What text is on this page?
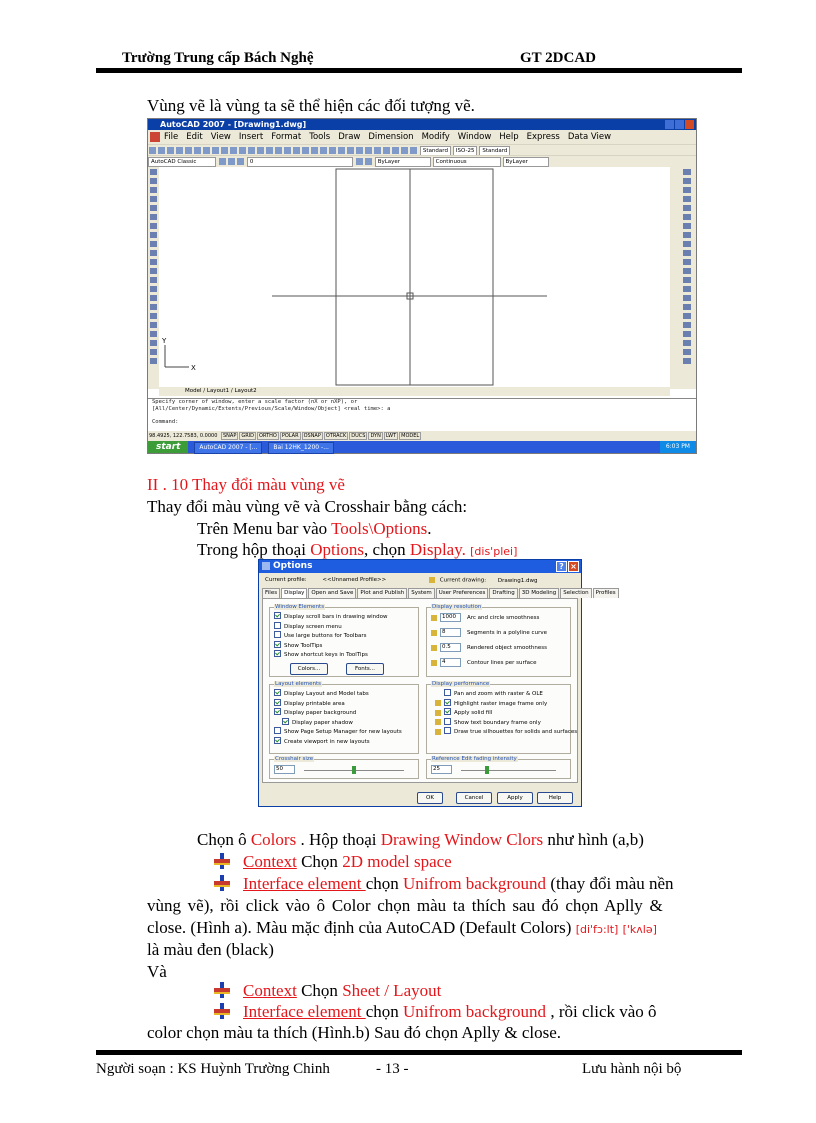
Trường Trung cấp Bách Nghệ	GT 2DCAD
Vùng vẽ là vùng ta sẽ thể hiện các đối tượng vẽ.
AutoCAD 2007 - [Drawing1.dwg]
File Edit View Insert Format Tools Draw Dimension Modify Window Help Express Data View
Standard ISO-25 Standard
AutoCAD Classic	0	ByLayer	Continuous	ByLayer
Y
X
Model / Layout1 / Layout2
Specify corner of window, enter a scale factor (nX or nXP), or
[All/Center/Dynamic/Extents/Previous/Scale/Window/Object] <real time>: a
Command:
98.4925, 122.7583, 0.0000 SNAP GRID ORTHO POLAR OSNAP OTRACK DUCS DYN LWT MODEL
start	AutoCAD 2007 - [...	Bai 12HK_1200 -...	6:03 PM
II . 10 Thay đổi màu vùng vẽ
Thay đổi màu vùng vẽ và Crosshair bằng cách:
Trên Menu bar vào Tools\Options.
Trong hộp thoại Options, chọn Display. [dis'plei]
Options	? ×
Current profile:	<<Unnamed Profile>>	Current drawing: Drawing1.dwg
Files Display Open and Save Plot and Publish System User Preferences Drafting 3D Modeling Selection Profiles
Window Elements
Display scroll bars in drawing window
Display screen menu
Use large buttons for Toolbars
Show ToolTips
Show shortcut keys in ToolTips
Colors...	Fonts...
Display resolution
1000 Arc and circle smoothness
8	Segments in a polyline curve
0.5	Rendered object smoothness
4	Contour lines per surface
Layout elements
Display Layout and Model tabs
Display printable area
Display paper background
Display paper shadow
Show Page Setup Manager for new layouts
Create viewport in new layouts
Display performance
Pan and zoom with raster & OLE
Highlight raster image frame only
Apply solid fill
Show text boundary frame only
Draw true silhouettes for solids and surfaces
Crosshair size
50
Reference Edit fading intensity
25
OK	Cancel	Apply	Help
Chọn ô Colors . Hộp thoại Drawing Window Clors như hình (a,b)
Context Chọn 2D model space
Interface element chọn Unifrom background (thay đổi màu nền
vùng vẽ), rồi click vào ô Color chọn màu ta thích sau đó chọn Aplly &
close. (Hình a). Màu mặc định của AutoCAD (Default Colors) [di'fɔ:lt] ['kʌlə]
là màu đen (black)
Và
Context Chọn Sheet / Layout
Interface element chọn Unifrom background , rồi click vào ô
color chọn màu ta thích (Hình.b) Sau đó chọn Aplly & close.
Người soạn : KS Huỳnh Trường Chinh	- 13 -	Lưu hành nội bộ
